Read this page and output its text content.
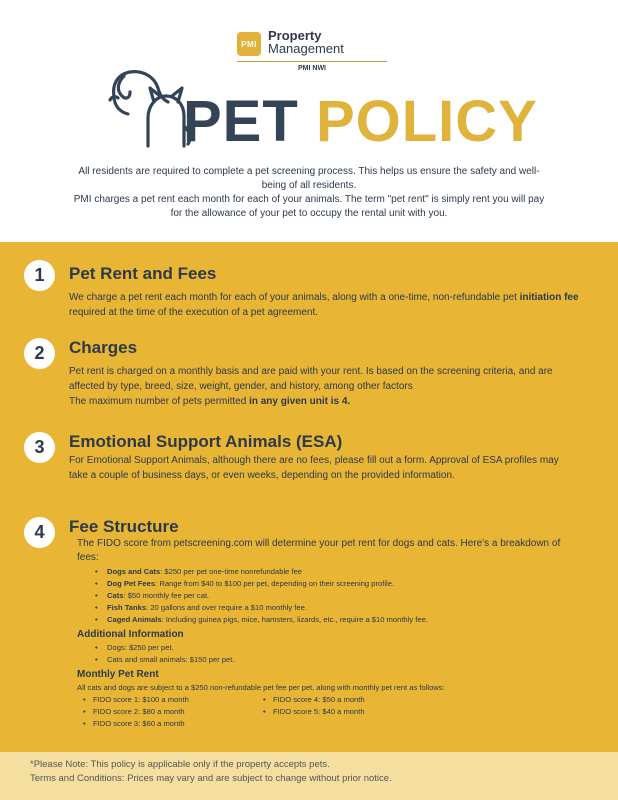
PMI
Property
Management
PMI NWI
PET POLICY
All residents are required to complete a pet screening process. This helps us ensure the safety and well-being of all residents.
PMI charges a pet rent each month for each of your animals. The term "pet rent" is simply rent you will pay for the allowance of your pet to occupy the rental unit with you.
1	Pet Rent and Fees
We charge a pet rent each month for each of your animals, along with a one-time, non-refundable pet initiation fee required at the time of the execution of a pet agreement.
2	Charges
Pet rent is charged on a monthly basis and are paid with your rent. Is based on the screening criteria, and are affected by type, breed, size, weight, gender, and history, among other factors
The maximum number of pets permitted in any given unit is 4.
3	Emotional Support Animals (ESA)
For Emotional Support Animals, although there are no fees, please fill out a form. Approval of ESA profiles may take a couple of business days, or even weeks, depending on the provided information.
4	Fee Structure
The FIDO score from petscreening.com will determine your pet rent for dogs and cats. Here's a breakdown of fees:
• Dogs and Cats: $250 per pet one-time nonrefundable fee
• Dog Pet Fees: Range from $40 to $100 per pet, depending on their screening profile.
• Cats: $50 monthly fee per cat.
• Fish Tanks: 20 gallons and over require a $10 monthly fee.
• Caged Animals: Including guinea pigs, mice, hamsters, lizards, etc., require a $10 monthly fee.
Additional Information
• Dogs: $250 per pet.
• Cats and small animals: $150 per pet.
Monthly Pet Rent
All cats and dogs are subject to a $250 non-refundable pet fee per pet, along with monthly pet rent as follows:
• FIDO score 1: $100 a month
• FIDO score 2: $80 a month
• FIDO score 3: $60 a month
• FIDO score 4: $50 a month
• FIDO score 5: $40 a month

*Please Note: This policy is applicable only if the property accepts pets.

Terms and Conditions: Prices may vary and are subject to change without prior notice.
